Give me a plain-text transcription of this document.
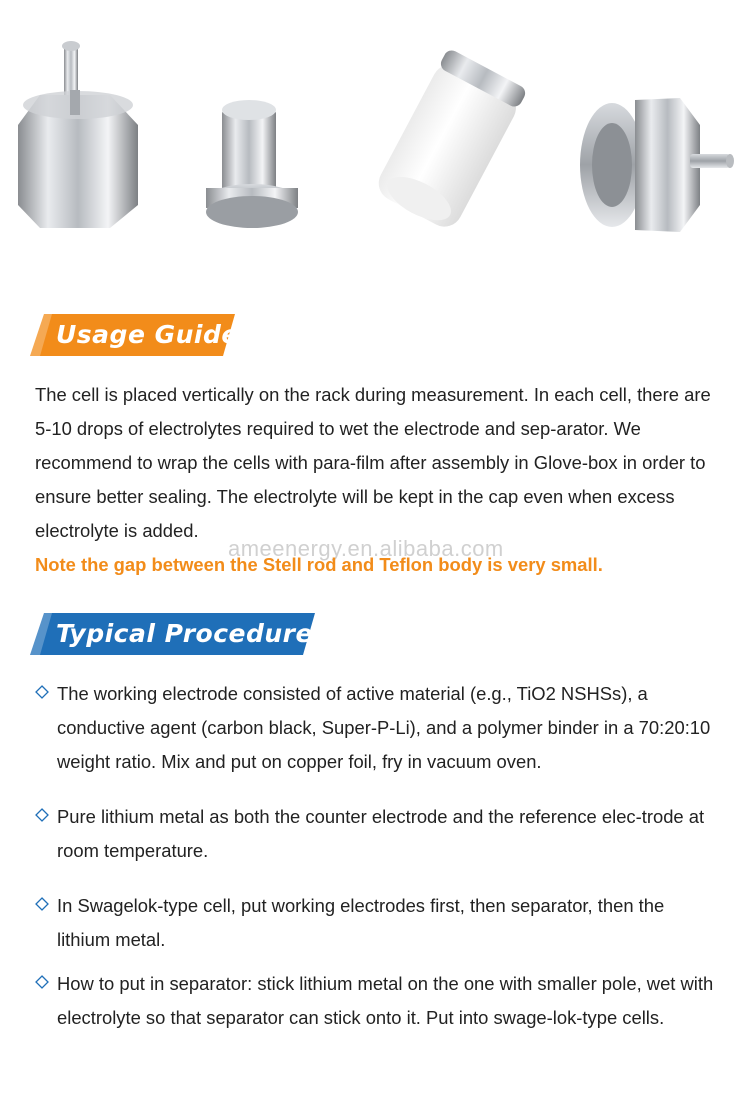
Usage Guide
The cell is placed vertically on the rack during measurement. In each cell, there are 5-10 drops of electrolytes required to wet the electrode and sep-arator. We recommend to wrap the cells with para-film after assembly in Glove-box in order to ensure better sealing. The electrolyte will be kept in the cap even when excess electrolyte is added.
ameenergy.en.alibaba.com
Note the gap between the Stell rod and Teflon body is very small.
Typical Procedures
The working electrode consisted of active material (e.g., TiO2 NSHSs), a conductive agent (carbon black, Super-P-Li), and a polymer binder in a 70:20:10 weight ratio. Mix and put on copper foil, fry in vacuum oven.
Pure lithium metal as both the counter electrode and the reference elec-trode at room temperature.
In Swagelok-type cell, put working electrodes first, then separator, then the lithium metal.
How to put in separator: stick lithium metal on the one with smaller pole, wet with electrolyte so that separator can stick onto it. Put into swage-lok-type cells.
